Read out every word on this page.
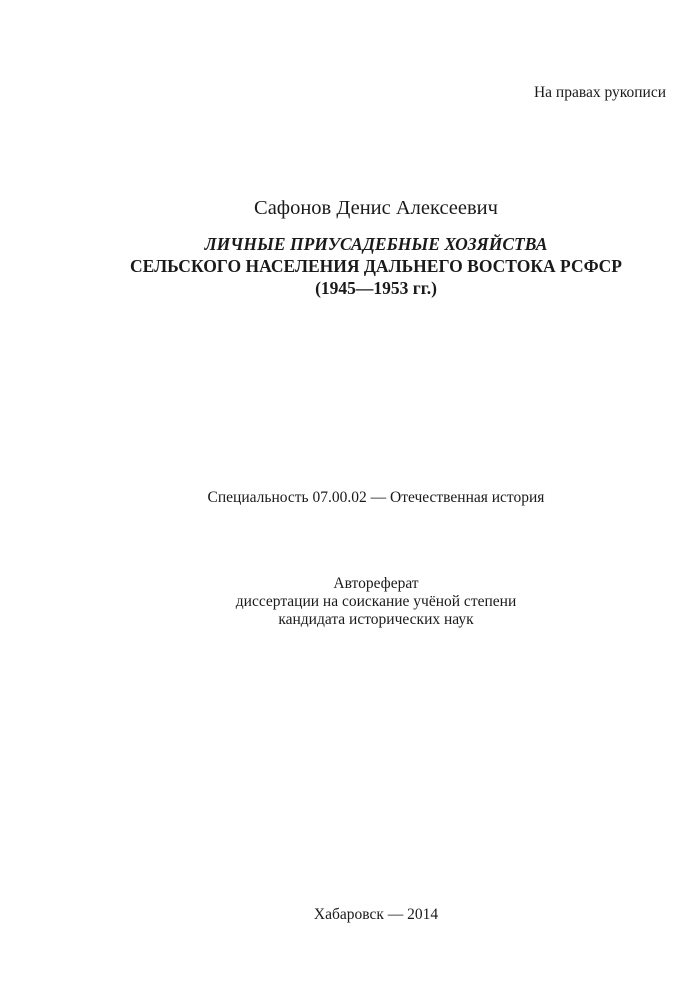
На правах рукописи
Сафонов Денис Алексеевич
ЛИЧНЫЕ ПРИУСАДЕБНЫЕ ХОЗЯЙСТВА
СЕЛЬСКОГО НАСЕЛЕНИЯ ДАЛЬНЕГО ВОСТОКА РСФСР
(1945—1953 гг.)
Специальность 07.00.02 — Отечественная история
Автореферат
диссертации на соискание учёной степени
кандидата исторических наук
Хабаровск — 2014
